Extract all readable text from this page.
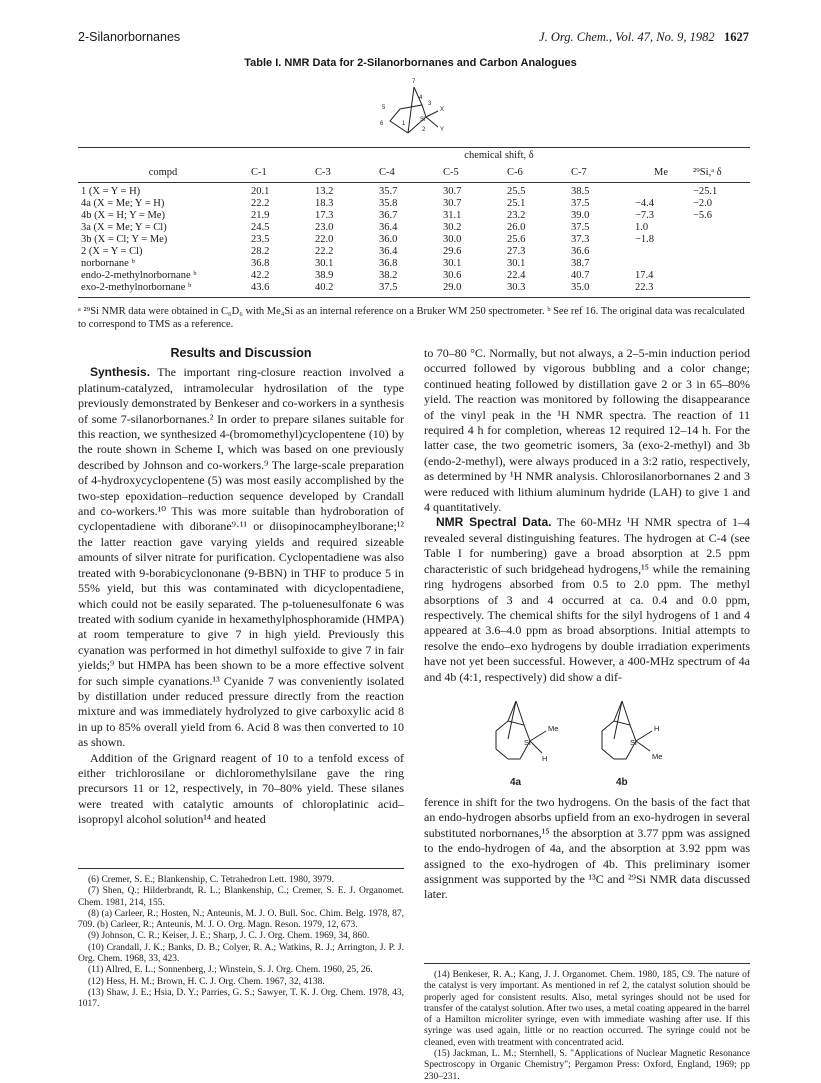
2-Silanorbornanes	J. Org. Chem., Vol. 47, No. 9, 1982 1627
Table I. NMR Data for 2-Silanorbornanes and Carbon Analogues
7
4
5
3
6	1
2
X
Si
Y
	chemical shift, δ							
compd	C-1	C-3	C-4	C-5	C-6	C-7	Me	²⁹Si,ᵃ δ
1 (X = Y = H)	20.1	13.2	35.7	30.7	25.5	38.5		−25.1
4a (X = Me; Y = H)	22.2	18.3	35.8	30.7	25.1	37.5	−4.4	−2.0
4b (X = H; Y = Me)	21.9	17.3	36.7	31.1	23.2	39.0	−7.3	−5.6
3a (X = Me; Y = Cl)	24.5	23.0	36.4	30.2	26.0	37.5	1.0	
3b (X = Cl; Y = Me)	23.5	22.0	36.0	30.0	25.6	37.3	−1.8	
2 (X = Y = Cl)	28.2	22.2	36.4	29.6	27.3	36.6		
norbornane ᵇ	36.8	30.1	36.8	30.1	30.1	38.7		
endo-2-methylnorbornane ᵇ	42.2	38.9	38.2	30.6	22.4	40.7	17.4	
exo-2-methylnorbornane ᵇ	43.6	40.2	37.5	29.0	30.3	35.0	22.3	
ᵃ ²⁹Si NMR data were obtained in C₆D₆ with Me₄Si as an internal reference on a Bruker WM 250 spectrometer. ᵇ See ref 16. The original data was recalculated to correspond to TMS as a reference.
Results and Discussion

Synthesis. The important ring-closure reaction involved a platinum-catalyzed, intramolecular hydrosilation of the type previously demonstrated by Benkeser and co-workers in a synthesis of some 7-silanorbornanes.² In order to prepare silanes suitable for this reaction, we synthesized 4-(bromomethyl)cyclopentene (10) by the route shown in Scheme I, which was based on one previously described by Johnson and co-workers.⁹ The large-scale preparation of 4-hydroxycyclopentene (5) was most easily accomplished by the two-step epoxidation–reduction sequence developed by Crandall and co-workers.¹⁰ This was more suitable than hydroboration of cyclopentadiene with diborane⁹·¹¹ or diisopinocampheylborane;¹² the latter reaction gave varying yields and required sizeable amounts of silver nitrate for purification. Cyclopentadiene was also treated with 9-borabicyclononane (9-BBN) in THF to produce 5 in 55% yield, but this was contaminated with dicyclopentadiene, which could not be easily separated. The p-toluenesulfonate 6 was treated with sodium cyanide in hexamethylphosphoramide (HMPA) at room temperature to give 7 in high yield. Previously this cyanation was performed in hot dimethyl sulfoxide to give 7 in fair yields;⁹ but HMPA has been shown to be a more effective solvent for such simple cyanations.¹³ Cyanide 7 was conveniently isolated by distillation under reduced pressure directly from the reaction mixture and was immediately hydrolyzed to give carboxylic acid 8 in up to 85% overall yield from 6. Acid 8 was then converted to 10 as shown.

Addition of the Grignard reagent of 10 to a tenfold excess of either trichlorosilane or dichloromethylsilane gave the ring precursors 11 or 12, respectively, in 70–80% yield. These silanes were treated with catalytic amounts of chloroplatinic acid–isopropyl alcohol solution¹⁴ and heated

to 70–80 °C. Normally, but not always, a 2–5-min induction period occurred followed by vigorous bubbling and a color change; continued heating followed by distillation gave 2 or 3 in 65–80% yield. The reaction was monitored by following the disappearance of the vinyl peak in the ¹H NMR spectra. The reaction of 11 required 4 h for completion, whereas 12 required 12–14 h. For the latter case, the two geometric isomers, 3a (exo-2-methyl) and 3b (endo-2-methyl), were always produced in a 3:2 ratio, respectively, as determined by ¹H NMR analysis. Chlorosilanorbornanes 2 and 3 were reduced with lithium aluminum hydride (LAH) to give 1 and 4 quantitatively.

NMR Spectral Data. The 60-MHz ¹H NMR spectra of 1–4 revealed several distinguishing features. The hydrogen at C-4 (see Table I for numbering) gave a broad absorption at 2.5 ppm characteristic of such bridgehead hydrogens,¹⁵ while the remaining ring hydrogens absorbed from 0.5 to 2.0 ppm. The methyl absorptions of 3 and 4 occurred at ca. 0.4 and 0.0 ppm, respectively. The chemical shifts for the silyl hydrogens of 1 and 4 appeared at 3.6–4.0 ppm as broad absorptions. Initial attempts to resolve the endo–exo hydrogens by double irradiation experiments have not yet been successful. However, a 400-MHz spectrum of 4a and 4b (4:1, respectively) did show a dif-

Si
Me
H
Si
H
Me
4a	4b

ference in shift for the two hydrogens. On the basis of the fact that an endo-hydrogen absorbs upfield from an exo-hydrogen in several substituted norbornanes,¹⁵ the absorption at 3.77 ppm was assigned to the endo-hydrogen of 4a, and the absorption at 3.92 ppm was assigned to the exo-hydrogen of 4b. This preliminary isomer assignment was supported by the ¹³C and ²⁹Si NMR data discussed later.

(6) Cremer, S. E.; Blankenship, C. Tetrahedron Lett. 1980, 3979.

(7) Shen, Q.; Hilderbrandt, R. L.; Blankenship, C.; Cremer, S. E. J. Organomet. Chem. 1981, 214, 155.

(8) (a) Carleer, R.; Hosten, N.; Anteunis, M. J. O. Bull. Soc. Chim. Belg. 1978, 87, 709. (b) Carleer, R.; Anteunis, M. J. O. Org. Magn. Reson. 1979, 12, 673.

(9) Johnson, C. R.; Keiser, J. E.; Sharp, J. C. J. Org. Chem. 1969, 34, 860.

(10) Crandall, J. K.; Banks, D. B.; Colyer, R. A.; Watkins, R. J.; Arrington, J. P. J. Org. Chem. 1968, 33, 423.

(11) Allred, E. L.; Sonnenberg, J.; Winstein, S. J. Org. Chem. 1960, 25, 26.

(12) Hess, H. M.; Brown, H. C. J. Org. Chem. 1967, 32, 4138.

(13) Shaw, J. E.; Hsia, D. Y.; Parries, G. S.; Sawyer, T. K. J. Org. Chem. 1978, 43, 1017.

(14) Benkeser, R. A.; Kang, J. J. Organomet. Chem. 1980, 185, C9. The nature of the catalyst is very important. As mentioned in ref 2, the catalyst solution should be properly aged for consistent results. Also, metal syringes should not be used for transfer of the catalyst solution. After two uses, a metal coating appeared in the barrel of a Hamilton microliter syringe, even with immediate washing after use. If this syringe was used again, little or no reaction occurred. The syringe could not be cleaned, even with treatment with concentrated acid.

(15) Jackman, L. M.; Sternhell, S. "Applications of Nuclear Magnetic Resonance Spectroscopy in Organic Chemistry"; Pergamon Press: Oxford, England, 1969; pp 230–231.
